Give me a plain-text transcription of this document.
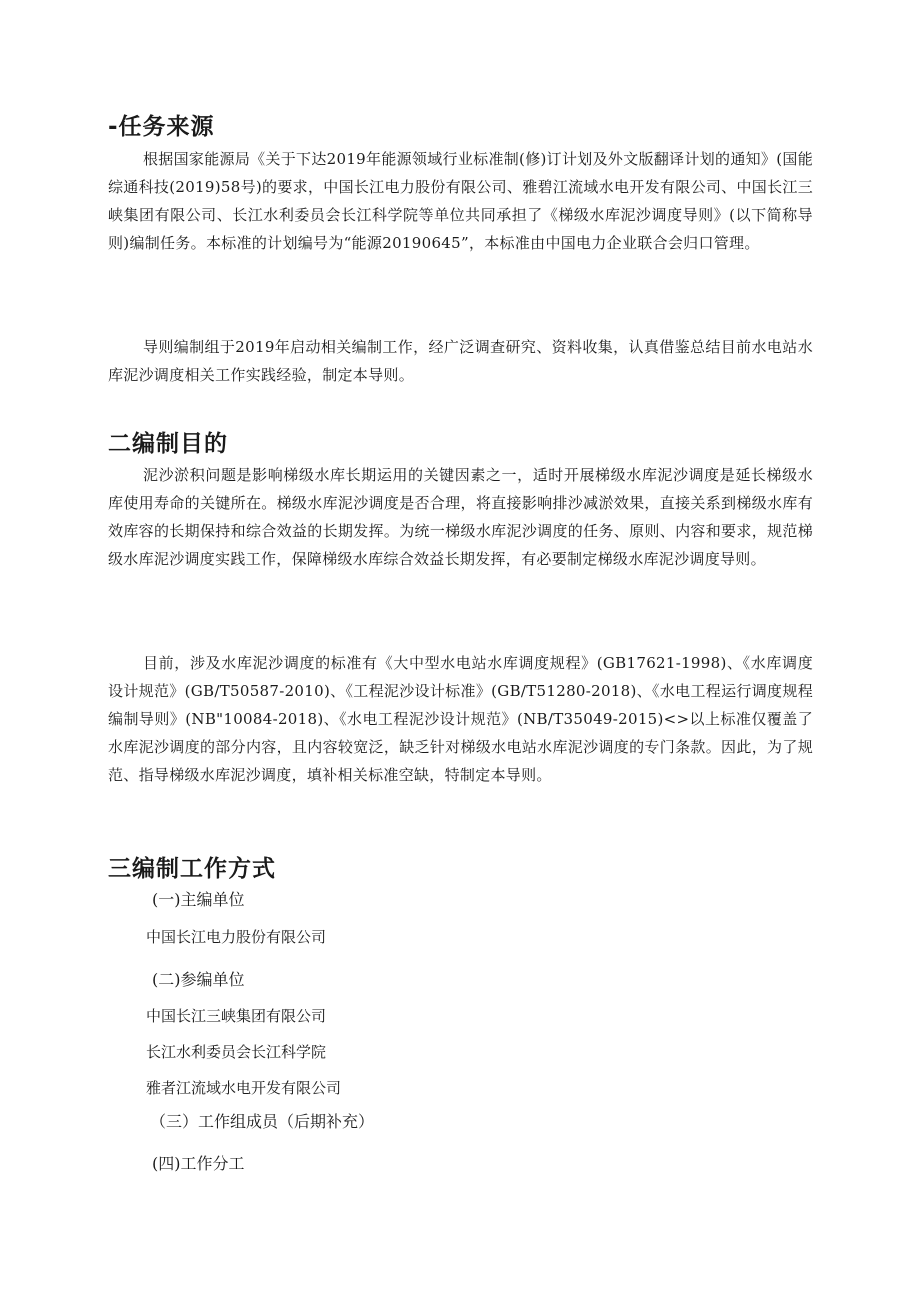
-任务来源

根据国家能源局《关于下达2019年能源领域行业标准制(修)订计划及外文版翻译计划的通知》(国能综通科技(2019)58号)的要求，中国长江电力股份有限公司、雅碧江流域水电开发有限公司、中国长江三峡集团有限公司、长江水利委员会长江科学院等单位共同承担了《梯级水库泥沙调度导则》(以下简称导则)编制任务。本标准的计划编号为“能源20190645”，本标准由中国电力企业联合会归口管理。

导则编制组于2019年启动相关编制工作，经广泛调查研究、资料收集，认真借鉴总结目前水电站水库泥沙调度相关工作实践经验，制定本导则。

二编制目的

泥沙淤积问题是影响梯级水库长期运用的关键因素之一，适时开展梯级水库泥沙调度是延长梯级水库使用寿命的关键所在。梯级水库泥沙调度是否合理，将直接影响排沙减淤效果，直接关系到梯级水库有效库容的长期保持和综合效益的长期发挥。为统一梯级水库泥沙调度的任务、原则、内容和要求，规范梯级水库泥沙调度实践工作，保障梯级水库综合效益长期发挥，有必要制定梯级水库泥沙调度导则。

目前，涉及水库泥沙调度的标准有《大中型水电站水库调度规程》(GB17621-1998)、《水库调度设计规范》(GB/T50587-2010)、《工程泥沙设计标准》(GB/T51280-2018)、《水电工程运行调度规程编制导则》(NB"10084-2018)、《水电工程泥沙设计规范》(NB/T35049-2015)<>以上标准仅覆盖了水库泥沙调度的部分内容，且内容较宽泛，缺乏针对梯级水电站水库泥沙调度的专门条款。因此，为了规范、指导梯级水库泥沙调度，填补相关标准空缺，特制定本导则。

三编制工作方式

(一)主编单位

中国长江电力股份有限公司

(二)参编单位

中国长江三峡集团有限公司

长江水利委员会长江科学院

雅者江流域水电开发有限公司

（三）工作组成员（后期补充）

(四)工作分工
